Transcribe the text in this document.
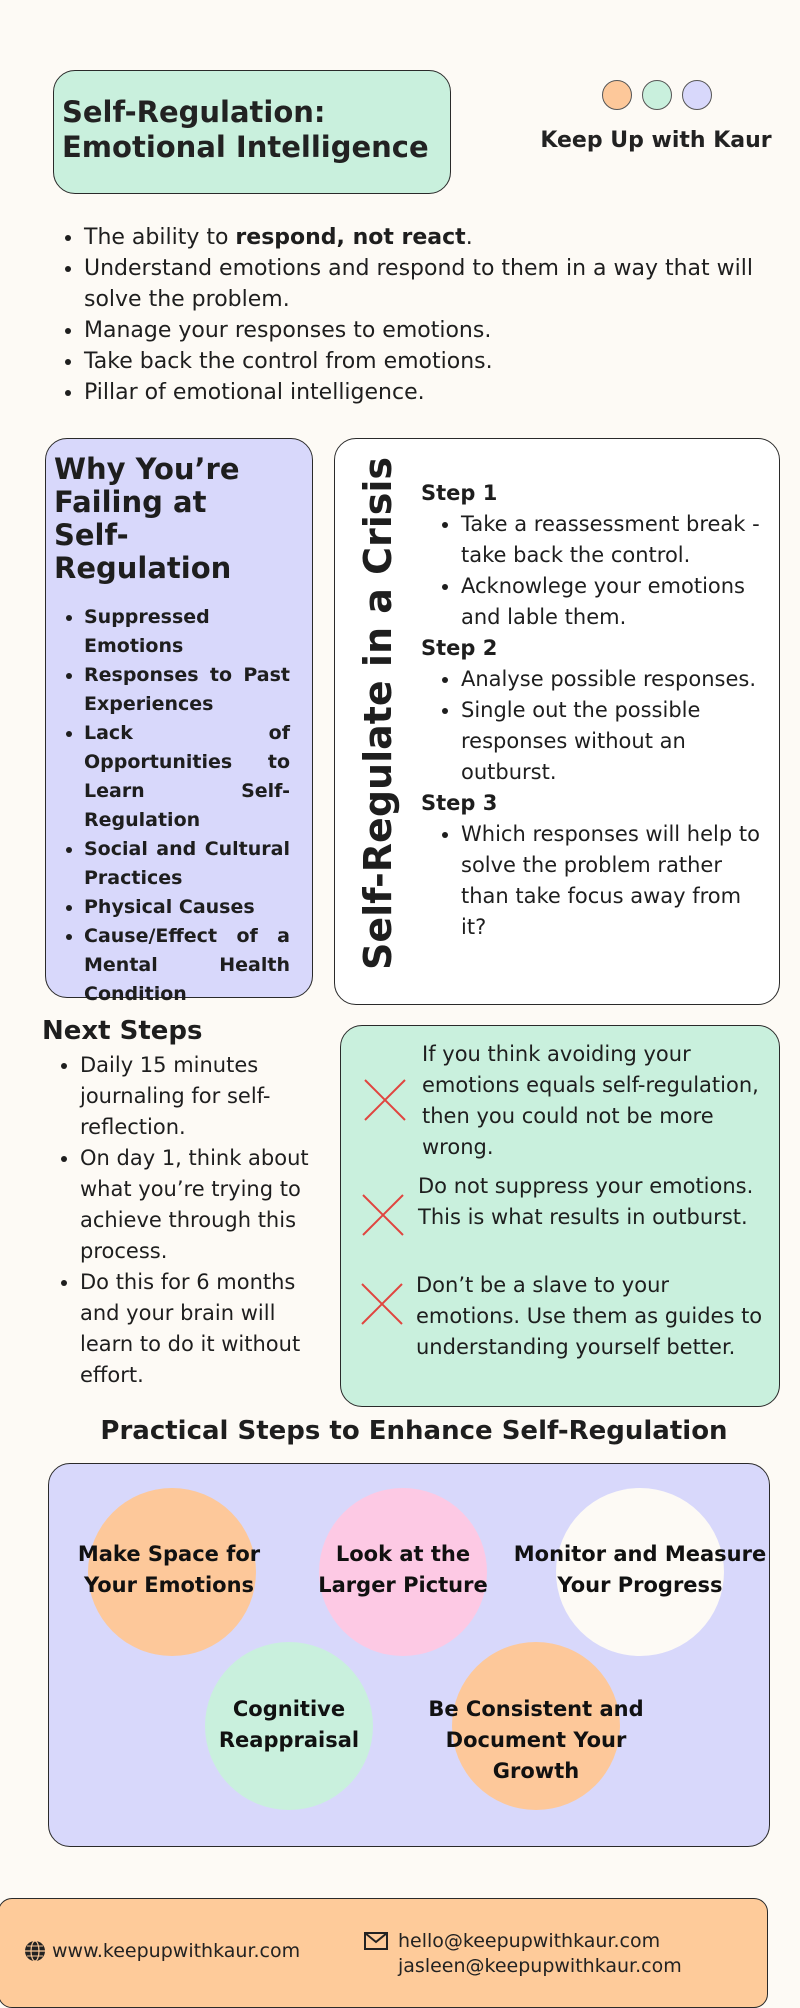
Self-Regulation:
Emotional Intelligence	Keep Up with Kaur
• The ability to respond, not react.
• Understand emotions and respond to them in a way that will solve the problem.
• Manage your responses to emotions.
• Take back the control from emotions.
• Pillar of emotional intelligence.
Why You’re Failing at Self-Regulation
• Suppressed Emotions
• Responses to Past Experiences
• Lack of Opportunities to Learn Self-Regulation
• Social and Cultural Practices
• Physical Causes
• Cause/Effect of a Mental Health Condition
Self-Regulate in a Crisis Step 1
• Take a reassessment break - take back the control.
• Acknowlege your emotions and lable them.
Step 2
• Analyse possible responses.
• Single out the possible responses without an outburst.
Step 3
• Which responses will help to solve the problem rather than take focus away from it?
Next Steps
• Daily 15 minutes journaling for self-reflection.
• On day 1, think about what you’re trying to achieve through this process.
• Do this for 6 months and your brain will learn to do it without effort.
If you think avoiding your emotions equals self-regulation, then you could not be more wrong.
Do not suppress your emotions. This is what results in outburst.
Don’t be a slave to your emotions. Use them as guides to understanding yourself better.
Practical Steps to Enhance Self-Regulation
Make Space for Your Emotions
Look at the Larger Picture
Monitor and Measure Your Progress
Cognitive Reappraisal
Be Consistent and Document Your Growth
www.keepupwithkaur.com	hello@keepupwithkaur.com
jasleen@keepupwithkaur.com
